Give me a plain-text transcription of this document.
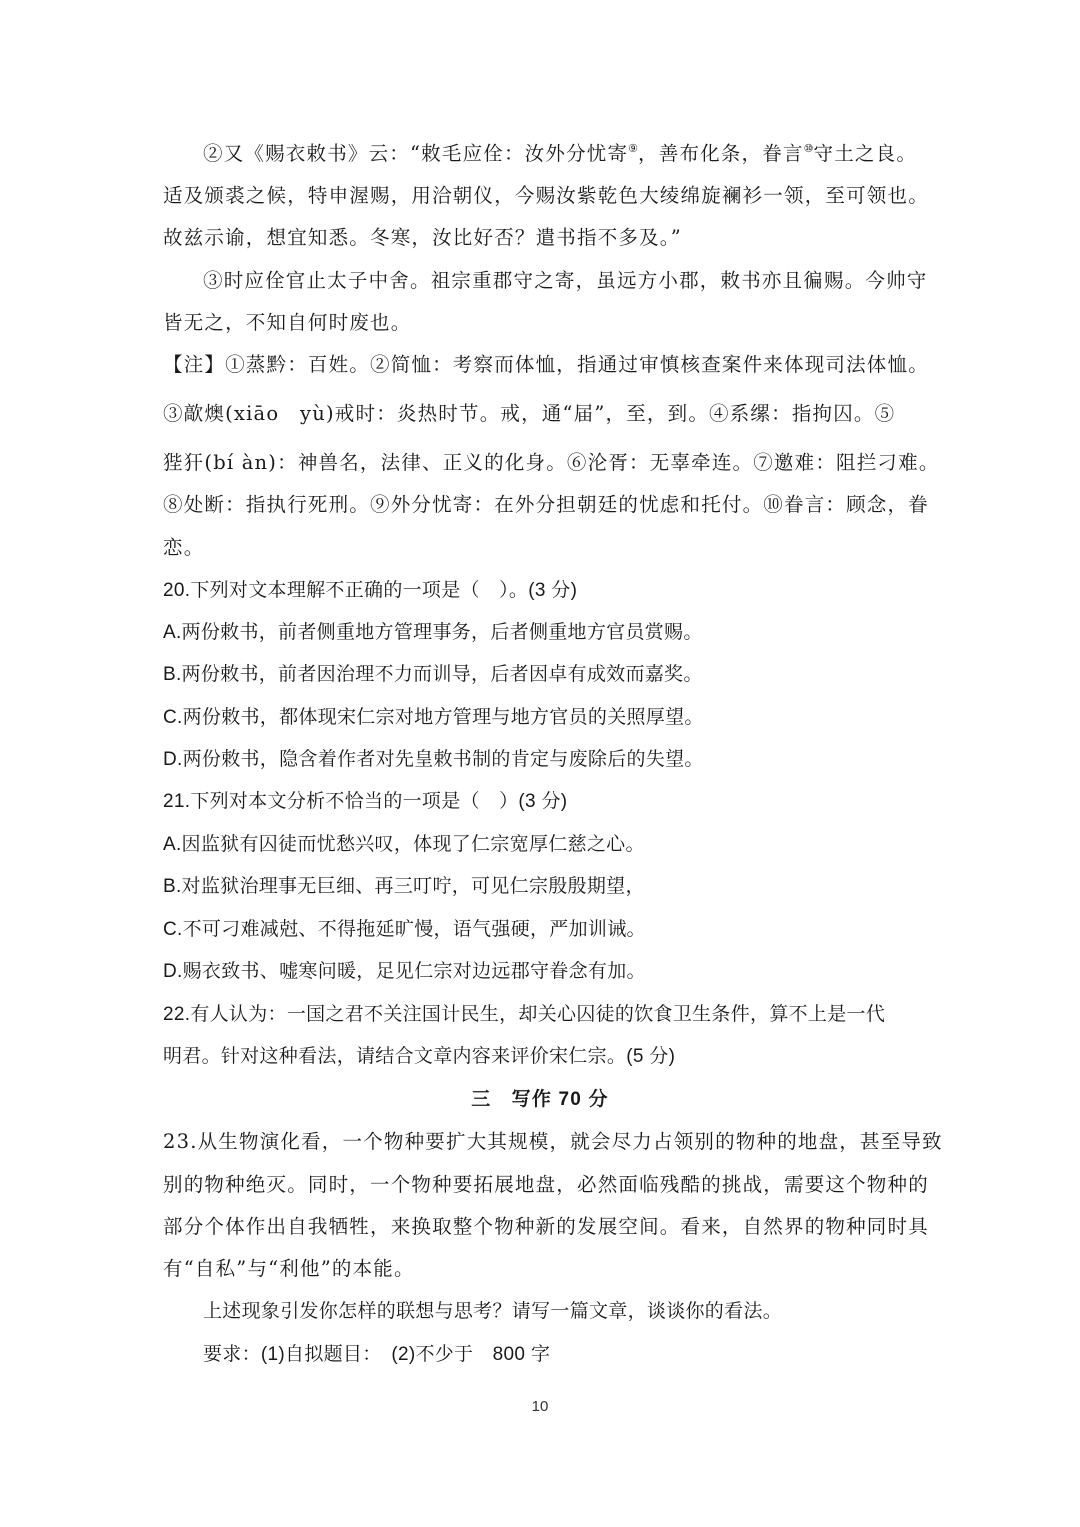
②又《赐衣敕书》云：“敕毛应佺：汝外分忧寄⑨，善布化条，眷言⑩守土之良。
适及颁裘之候，特申渥赐，用洽朝仪，今赐汝紫乾色大绫绵旋襕衫一领，至可领也。
故兹示谕，想宜知悉。冬寒，汝比好否？遣书指不多及。”
③时应佺官止太子中舍。祖宗重郡守之寄，虽远方小郡，敕书亦且徧赐。今帅守
皆无之，不知自何时废也。
【注】①蒸黔：百姓。②简恤：考察而体恤，指通过审慎核查案件来体现司法体恤。
③歊燠(xiāo　yù)戒时：炎热时节。戒，通“届”，至，到。④系缧：指拘囚。⑤
狴犴(bí àn)：神兽名，法律、正义的化身。⑥沦胥：无辜牵连。⑦邀难：阻拦刁难。
⑧处断：指执行死刑。⑨外分忧寄：在外分担朝廷的忧虑和托付。⑩眷言：顾念，眷
恋。
20.下列对文本理解不正确的一项是（　）。(3 分)
A.两份敕书，前者侧重地方管理事务，后者侧重地方官员赏赐。
B.两份敕书，前者因治理不力而训导，后者因卓有成效而嘉奖。
C.两份敕书，都体现宋仁宗对地方管理与地方官员的关照厚望。
D.两份敕书，隐含着作者对先皇敕书制的肯定与废除后的失望。
21.下列对本文分析不恰当的一项是（　）(3 分)
A.因监狱有囚徒而忧愁兴叹，体现了仁宗宽厚仁慈之心。
B.对监狱治理事无巨细、再三叮咛，可见仁宗殷殷期望，
C.不可刁难减尅、不得拖延旷慢，语气强硬，严加训诫。
D.赐衣致书、嘘寒问暖，足见仁宗对边远郡守眷念有加。
22.有人认为：一国之君不关注国计民生，却关心囚徒的饮食卫生条件，算不上是一代
明君。针对这种看法，请结合文章内容来评价宋仁宗。(5 分)
三　写作 70 分
23.从生物演化看，一个物种要扩大其规模，就会尽力占领别的物种的地盘，甚至导致
别的物种绝灭。同时，一个物种要拓展地盘，必然面临残酷的挑战，需要这个物种的
部分个体作出自我牺牲，来换取整个物种新的发展空间。看来，自然界的物种同时具
有“自私”与“利他”的本能。
上述现象引发你怎样的联想与思考？请写一篇文章，谈谈你的看法。
要求：(1)自拟题目：　(2)不少于　800 字
10
